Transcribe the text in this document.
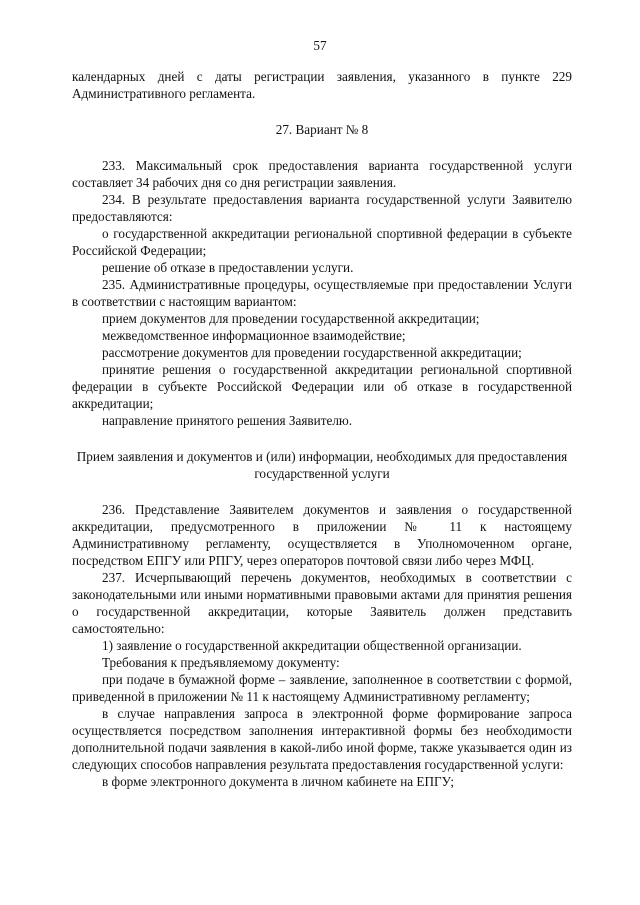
57

календарных дней с даты регистрации заявления, указанного в пункте 229 Административного регламента.

27. Вариант № 8

233. Максимальный срок предоставления варианта государственной услуги составляет 34 рабочих дня со дня регистрации заявления.

234. В результате предоставления варианта государственной услуги Заявителю предоставляются:

о государственной аккредитации региональной спортивной федерации в субъекте Российской Федерации;

решение об отказе в предоставлении услуги.

235. Административные процедуры, осуществляемые при предоставлении Услуги в соответствии с настоящим вариантом:

прием документов для проведении государственной аккредитации;

межведомственное информационное взаимодействие;

рассмотрение документов для проведении государственной аккредитации;

принятие решения о государственной аккредитации региональной спортивной федерации в субъекте Российской Федерации или об отказе в государственной аккредитации;

направление принятого решения Заявителю.

Прием заявления и документов и (или) информации, необходимых для предоставления государственной услуги

236. Представление Заявителем документов и заявления о государственной аккредитации, предусмотренного в приложении № 11 к настоящему Административному регламенту, осуществляется в Уполномоченном органе, посредством ЕПГУ или РПГУ, через операторов почтовой связи либо через МФЦ.

237. Исчерпывающий перечень документов, необходимых в соответствии с законодательными или иными нормативными правовыми актами для принятия решения о государственной аккредитации, которые Заявитель должен представить самостоятельно:

1) заявление о государственной аккредитации общественной организации.

Требования к предъявляемому документу:

при подаче в бумажной форме – заявление, заполненное в соответствии с формой, приведенной в приложении № 11 к настоящему Административному регламенту;

в случае направления запроса в электронной форме формирование запроса осуществляется посредством заполнения интерактивной формы без необходимости дополнительной подачи заявления в какой-либо иной форме, также указывается один из следующих способов направления результата предоставления государственной услуги:

в форме электронного документа в личном кабинете на ЕПГУ;
